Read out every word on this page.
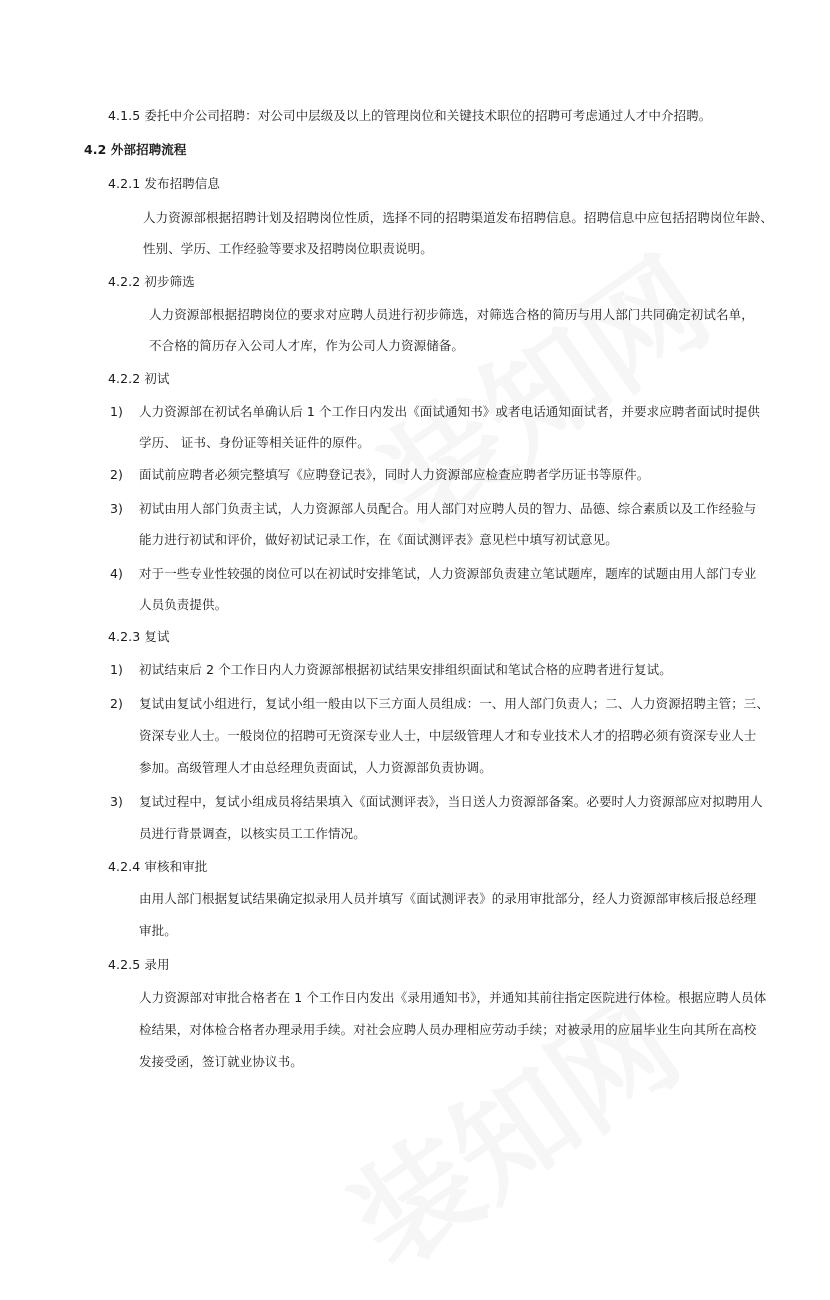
4.1.5 委托中介公司招聘：对公司中层级及以上的管理岗位和关键技术职位的招聘可考虑通过人才中介招聘。
4.2 外部招聘流程
4.2.1 发布招聘信息
人力资源部根据招聘计划及招聘岗位性质，选择不同的招聘渠道发布招聘信息。招聘信息中应包括招聘岗位年龄、
性别、学历、工作经验等要求及招聘岗位职责说明。
4.2.2 初步筛选
人力资源部根据招聘岗位的要求对应聘人员进行初步筛选，对筛选合格的简历与用人部门共同确定初试名单，
不合格的简历存入公司人才库，作为公司人力资源储备。
4.2.2 初试
1) 人力资源部在初试名单确认后 1 个工作日内发出《面试通知书》或者电话通知面试者，并要求应聘者面试时提供
学历、 证书、身份证等相关证件的原件。
2) 面试前应聘者必须完整填写《应聘登记表》，同时人力资源部应检查应聘者学历证书等原件。
3) 初试由用人部门负责主试，人力资源部人员配合。用人部门对应聘人员的智力、品德、综合素质以及工作经验与
能力进行初试和评价，做好初试记录工作，在《面试测评表》意见栏中填写初试意见。
4) 对于一些专业性较强的岗位可以在初试时安排笔试，人力资源部负责建立笔试题库，题库的试题由用人部门专业
人员负责提供。
4.2.3 复试
1) 初试结束后 2 个工作日内人力资源部根据初试结果安排组织面试和笔试合格的应聘者进行复试。
2) 复试由复试小组进行，复试小组一般由以下三方面人员组成：一、用人部门负责人；二、人力资源招聘主管；三、
资深专业人士。一般岗位的招聘可无资深专业人士，中层级管理人才和专业技术人才的招聘必须有资深专业人士
参加。高级管理人才由总经理负责面试，人力资源部负责协调。
3) 复试过程中，复试小组成员将结果填入《面试测评表》，当日送人力资源部备案。必要时人力资源部应对拟聘用人
员进行背景调查，以核实员工工作情况。
4.2.4 审核和审批
由用人部门根据复试结果确定拟录用人员并填写《面试测评表》的录用审批部分，经人力资源部审核后报总经理
审批。
4.2.5 录用
人力资源部对审批合格者在 1 个工作日内发出《录用通知书》，并通知其前往指定医院进行体检。根据应聘人员体
检结果，对体检合格者办理录用手续。对社会应聘人员办理相应劳动手续；对被录用的应届毕业生向其所在高校
发接受函，签订就业协议书。
